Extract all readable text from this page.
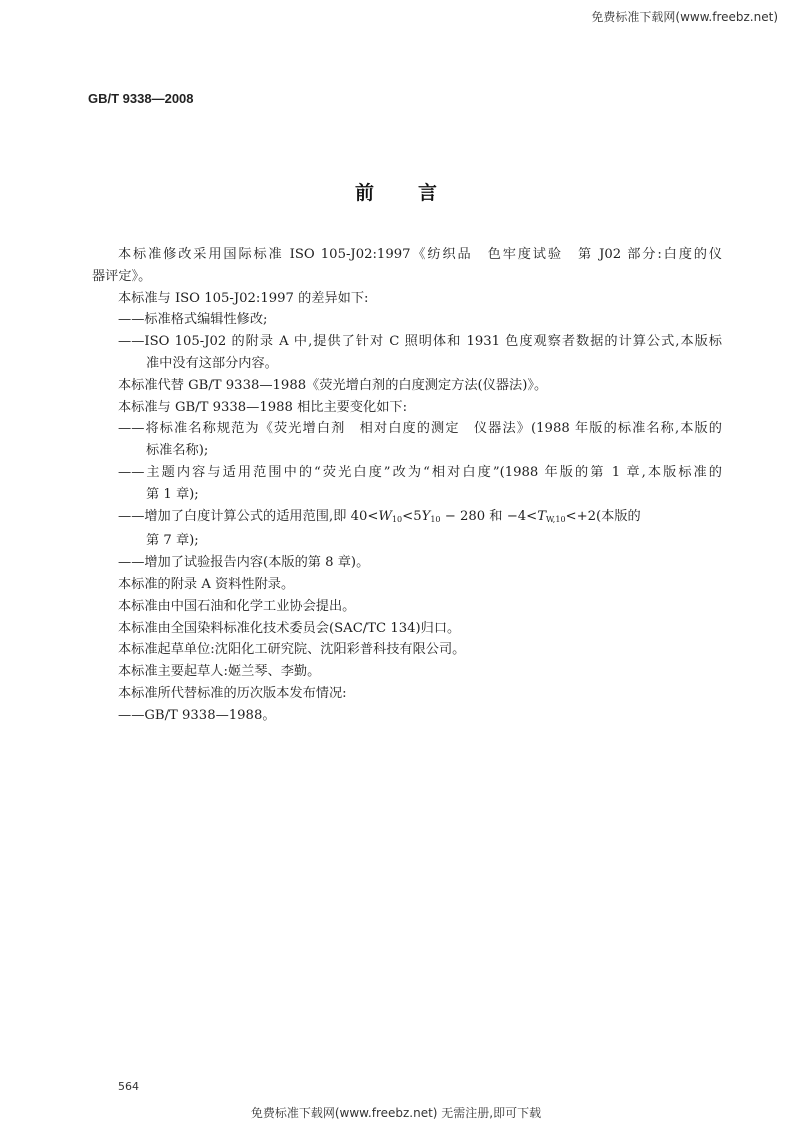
免费标准下载网(www.freebz.net)
GB/T 9338—2008
前言
本标准修改采用国际标准 ISO 105-J02:1997《纺织品　色牢度试验　第 J02 部分:白度的仪
器评定》。
本标准与 ISO 105-J02:1997 的差异如下:
——标准格式编辑性修改;
——ISO 105-J02 的附录 A 中,提供了针对 C 照明体和 1931 色度观察者数据的计算公式,本版标
准中没有这部分内容。
本标准代替 GB/T 9338—1988《荧光增白剂的白度测定方法(仪器法)》。
本标准与 GB/T 9338—1988 相比主要变化如下:
——将标准名称规范为《荧光增白剂　相对白度的测定　仪器法》(1988 年版的标准名称,本版的
标准名称);
——主题内容与适用范围中的“荧光白度”改为“相对白度”(1988 年版的第 1 章,本版标准的
第 1 章);
——增加了白度计算公式的适用范围,即 $40<W_{10}<5Y_{10} - 280$ 和 $-4<T_{W,10}<+2$(本版的
第 7 章);
——增加了试验报告内容(本版的第 8 章)。
本标准的附录 A 资料性附录。
本标准由中国石油和化学工业协会提出。
本标准由全国染料标准化技术委员会(SAC/TC 134)归口。
本标准起草单位:沈阳化工研究院、沈阳彩普科技有限公司。
本标准主要起草人:姬兰琴、李勤。
本标准所代替标准的历次版本发布情况:
——GB/T 9338—1988。
564
免费标准下载网(www.freebz.net) 无需注册,即可下载
